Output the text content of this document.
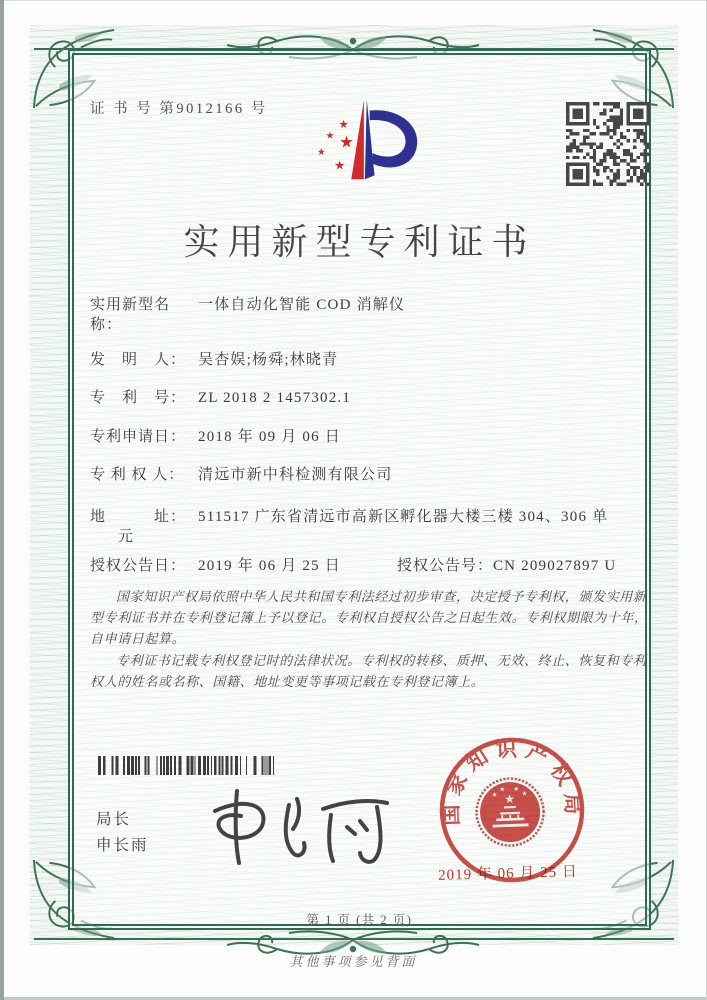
证 书 号 第9012166 号
★
★ ★
★
★
实用新型专利证书
实用新型名称：一体自动化智能 COD 消解仪
发　明　人： 吴杏娱;杨舜;林晓青
专　利　号： ZL 2018 2 1457302.1
专利申请日： 2018 年 09 月 06 日
专 利 权 人： 清远市新中科检测有限公司
地　　　址： 511517 广东省清远市高新区孵化器大楼三楼 304、306 单
元
授权公告日： 2019 年 06 月 25 日	授权公告号： CN 209027897 U

国家知识产权局依照中华人民共和国专利法经过初步审查，决定授予专利权，颁发实用新型专利证书并在专利登记簿上予以登记。专利权自授权公告之日起生效。专利权期限为十年，自申请日起算。

专利证书记载专利权登记时的法律状况。专利权的转移、质押、无效、终止、恢复和专利权人的姓名或名称、国籍、地址变更等事项记载在专利登记簿上。

局长
申长雨
国家知识产权局
★
★
★ ★
★
2019 年 06 月 25 日
第 1 页 (共 2 页)
其他事项参见背面
